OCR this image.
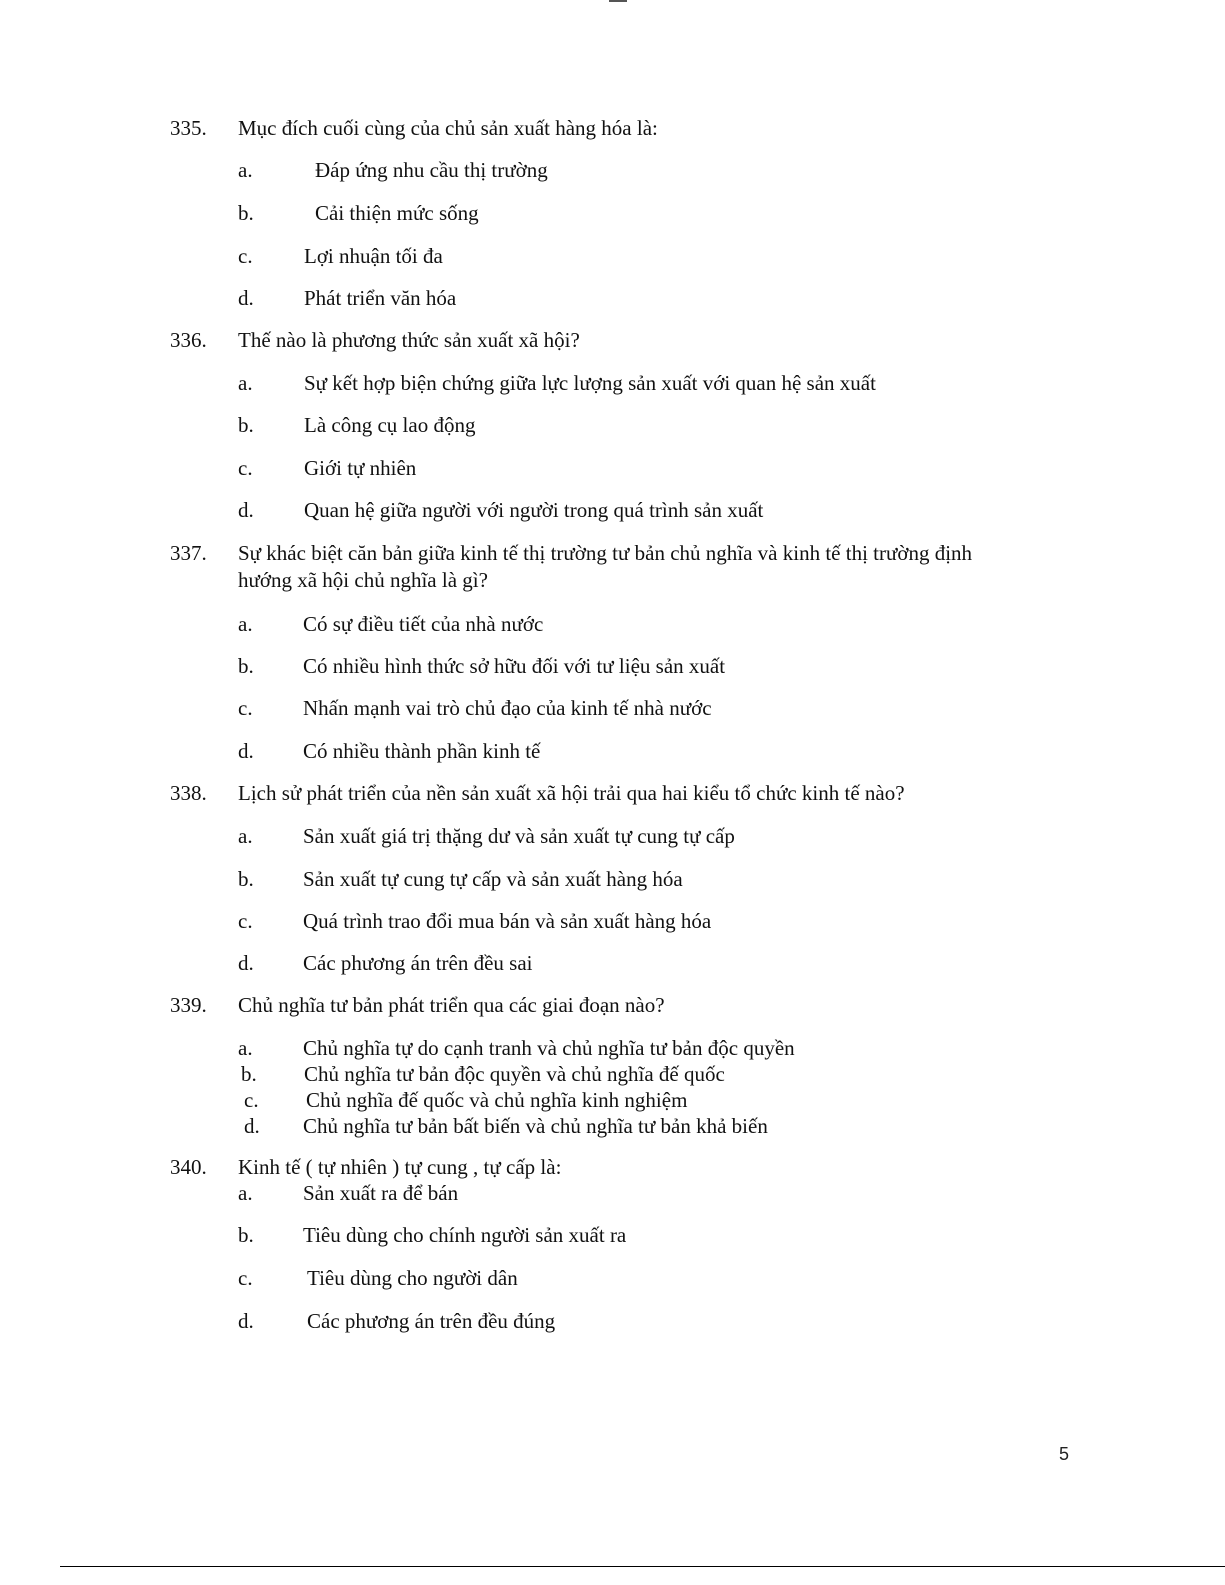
335. Mục đích cuối cùng của chủ sản xuất hàng hóa là:
a.	Đáp ứng nhu cầu thị trường
b.	Cải thiện mức sống
c. Lợi nhuận tối đa
d. Phát triển văn hóa
336. Thế nào là phương thức sản xuất xã hội?
a. Sự kết hợp biện chứng giữa lực lượng sản xuất với quan hệ sản xuất
b. Là công cụ lao động
c. Giới tự nhiên
d. Quan hệ giữa người với người trong quá trình sản xuất
337. Sự khác biệt căn bản giữa kinh tế thị trường tư bản chủ nghĩa và kinh tế thị trường định
hướng xã hội chủ nghĩa là gì?
a. Có sự điều tiết của nhà nước
b. Có nhiều hình thức sở hữu đối với tư liệu sản xuất
c. Nhấn mạnh vai trò chủ đạo của kinh tế nhà nước
d. Có nhiều thành phần kinh tế
338. Lịch sử phát triển của nền sản xuất xã hội trải qua hai kiểu tổ chức kinh tế nào?
a. Sản xuất giá trị thặng dư và sản xuất tự cung tự cấp
b. Sản xuất tự cung tự cấp và sản xuất hàng hóa
c. Quá trình trao đổi mua bán và sản xuất hàng hóa
d. Các phương án trên đều sai
339. Chủ nghĩa tư bản phát triển qua các giai đoạn nào?
a. Chủ nghĩa tự do cạnh tranh và chủ nghĩa tư bản độc quyền
b. Chủ nghĩa tư bản độc quyền và chủ nghĩa đế quốc
c. Chủ nghĩa đế quốc và chủ nghĩa kinh nghiệm
d. Chủ nghĩa tư bản bất biến và chủ nghĩa tư bản khả biến
340. Kinh tế ( tự nhiên ) tự cung , tự cấp là:
a. Sản xuất ra để bán
b. Tiêu dùng cho chính người sản xuất ra
c.	Tiêu dùng cho người dân
d.	Các phương án trên đều đúng
5
